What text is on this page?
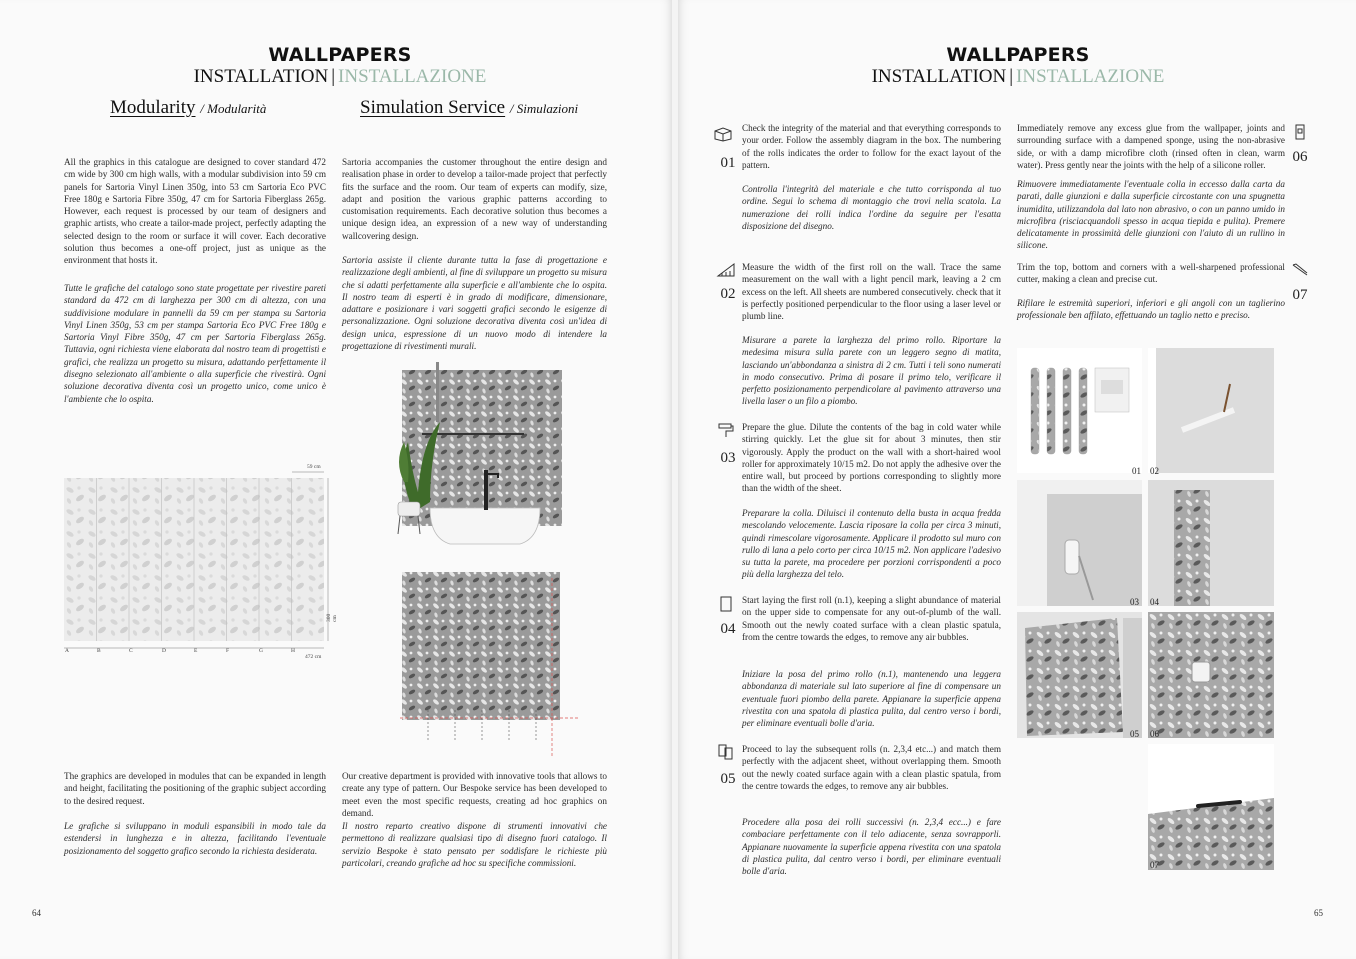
WALLPAPERS
INSTALLATION | INSTALLAZIONE
Modularity / Modularità	Simulation Service / Simulazioni
All the graphics in this catalogue are designed to cover standard 472 cm wide by 300 cm high walls, with a modular subdivision into 59 cm panels for Sartoria Vinyl Linen 350g, into 53 cm Sartoria Eco PVC Free 180g e Sartoria Fibre 350g, 47 cm for Sartoria Fiberglass 265g. However, each request is processed by our team of designers and graphic artists, who create a tailor-made project, perfectly adapting the selected design to the room or surface it will cover. Each decorative solution thus becomes a one-off project, just as unique as the environment that hosts it.
Tutte le grafiche del catalogo sono state progettate per rivestire pareti standard da 472 cm di larghezza per 300 cm di altezza, con una suddivisione modulare in pannelli da 59 cm per stampa su Sartoria Vinyl Linen 350g, 53 cm per stampa Sartoria Eco PVC Free 180g e Sartoria Vinyl Fibre 350g, 47 cm per Sartoria Fiberglass 265g. Tuttavia, ogni richiesta viene elaborata dal nostro team di progettisti e grafici, che realizza un progetto su misura, adattando perfettamente il disegno selezionato all'ambiente o alla superficie che rivestirà. Ogni soluzione decorativa diventa così un progetto unico, come unico è l'ambiente che lo ospita.
Sartoria accompanies the customer throughout the entire design and realisation phase in order to develop a tailor-made project that perfectly fits the surface and the room. Our team of experts can modify, size, adapt and position the various graphic patterns according to customisation requirements. Each decorative solution thus becomes a unique design idea, an expression of a new way of understanding wallcovering design.
Sartoria assiste il cliente durante tutta la fase di progettazione e realizzazione degli ambienti, al fine di sviluppare un progetto su misura che si adatti perfettamente alla superficie e all'ambiente che lo ospita. Il nostro team di esperti è in grado di modificare, dimensionare, adattare e posizionare i vari soggetti grafici secondo le esigenze di personalizzazione. Ogni soluzione decorativa diventa così un'idea di design unica, espressione di un nuovo modo di intendere la progettazione di rivestimenti murali.
59 cm
300 cm
472 cm
A	B	C	D	E	F	G	H
The graphics are developed in modules that can be expanded in length and height, facilitating the positioning of the graphic subject according to the desired request.
Le grafiche si sviluppano in moduli espansibili in modo tale da estendersi in lunghezza e in altezza, facilitando l'eventuale posizionamento del soggetto grafico secondo la richiesta desiderata.
Our creative department is provided with innovative tools that allows to create any type of pattern. Our Bespoke service has been developed to meet even the most specific requests, creating ad hoc graphics on demand.
Il nostro reparto creativo dispone di strumenti innovativi che permettono di realizzare qualsiasi tipo di disegno fuori catalogo. Il servizio Bespoke è stato pensato per soddisfare le richieste più particolari, creando grafiche ad hoc su specifiche commissioni.
64
WALLPAPERS
INSTALLATION | INSTALLAZIONE
01
Check the integrity of the material and that everything corresponds to your order. Follow the assembly diagram in the box. The numbering of the rolls indicates the order to follow for the exact layout of the pattern.
Controlla l'integrità del materiale e che tutto corrisponda al tuo ordine. Segui lo schema di montaggio che trovi nella scatola. La numerazione dei rolli indica l'ordine da seguire per l'esatta disposizione del disegno.
02
Measure the width of the first roll on the wall. Trace the same measurement on the wall with a light pencil mark, leaving a 2 cm excess on the left. All sheets are numbered consecutively. check that it is perfectly positioned perpendicular to the floor using a laser level or plumb line.
Misurare a parete la larghezza del primo rollo. Riportare la medesima misura sulla parete con un leggero segno di matita, lasciando un'abbondanza a sinistra di 2 cm. Tutti i teli sono numerati in modo consecutivo. Prima di posare il primo telo, verificare il perfetto posizionamento perpendicolare al pavimento attraverso una livella laser o un filo a piombo.
03
Prepare the glue. Dilute the contents of the bag in cold water while stirring quickly. Let the glue sit for about 3 minutes, then stir vigorously. Apply the product on the wall with a short-haired wool roller for approximately 10/15 m2. Do not apply the adhesive over the entire wall, but proceed by portions corresponding to slightly more than the width of the sheet.
Preparare la colla. Diluisci il contenuto della busta in acqua fredda mescolando velocemente. Lascia riposare la colla per circa 3 minuti, quindi rimescolare vigorosamente. Applicare il prodotto sul muro con rullo di lana a pelo corto per circa 10/15 m2. Non applicare l'adesivo su tutta la parete, ma procedere per porzioni corrispondenti a poco più della larghezza del telo.
04
Start laying the first roll (n.1), keeping a slight abundance of material on the upper side to compensate for any out-of-plumb of the wall. Smooth out the newly coated surface with a clean plastic spatula, from the centre towards the edges, to remove any air bubbles.
Iniziare la posa del primo rollo (n.1), mantenendo una leggera abbondanza di materiale sul lato superiore al fine di compensare un eventuale fuori piombo della parete. Appianare la superficie appena rivestita con una spatola di plastica pulita, dal centro verso i bordi, per eliminare eventuali bolle d'aria.
05
Proceed to lay the subsequent rolls (n. 2,3,4 etc...) and match them perfectly with the adjacent sheet, without overlapping them. Smooth out the newly coated surface again with a clean plastic spatula, from the centre towards the edges, to remove any air bubbles.
Procedere alla posa dei rolli successivi (n. 2,3,4 ecc...) e fare combaciare perfettamente con il telo adiacente, senza sovrapporli. Appianare nuovamente la superficie appena rivestita con una spatola di plastica pulita, dal centro verso i bordi, per eliminare eventuali bolle d'aria.
06
Immediately remove any excess glue from the wallpaper, joints and surrounding surface with a dampened sponge, using the non-abrasive side, or with a damp microfibre cloth (rinsed often in clean, warm water). Press gently near the joints with the help of a silicone roller.
Rimuovere immediatamente l'eventuale colla in eccesso dalla carta da parati, dalle giunzioni e dalla superficie circostante con una spugnetta inumidita, utilizzandola dal lato non abrasivo, o con un panno umido in microfibra (risciacquandoli spesso in acqua tiepida e pulita). Premere delicatamente in prossimità delle giunzioni con l'aiuto di un rullino in silicone.
07
Trim the top, bottom and corners with a well-sharpened professional cutter, making a clean and precise cut.
Rifilare le estremità superiori, inferiori e gli angoli con un taglierino professionale ben affilato, effettuando un taglio netto e preciso.
01 02
03 04
05 06
07
65
